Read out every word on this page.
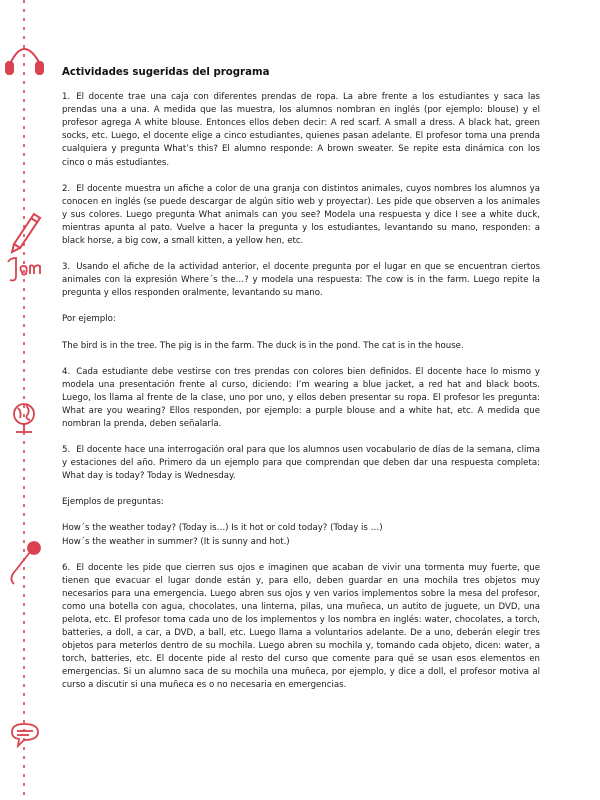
Actividades sugeridas del programa

1. El docente trae una caja con diferentes prendas de ropa. La abre frente a los estudiantes y saca las prendas una a una. A medida que las muestra, los alumnos nombran en inglés (por ejemplo: blouse) y el profesor agrega A white blouse. Entonces ellos deben decir: A red scarf. A small a dress. A black hat, green socks, etc. Luego, el docente elige a cinco estudiantes, quienes pasan adelante. El profesor toma una prenda cualquiera y pregunta What’s this? El alumno responde: A brown sweater. Se repite esta dinámica con los cinco o más estudiantes.

2. El docente muestra un afiche a color de una granja con distintos animales, cuyos nombres los alumnos ya conocen en inglés (se puede descargar de algún sitio web y proyectar). Les pide que observen a los animales y sus colores. Luego pregunta What animals can you see? Modela una respuesta y dice I see a white duck, mientras apunta al pato. Vuelve a hacer la pregunta y los estudiantes, levantando su mano, responden: a black horse, a big cow, a small kitten, a yellow hen, etc.

3. Usando el afiche de la actividad anterior, el docente pregunta por el lugar en que se encuentran ciertos animales con la expresión Where´s the…? y modela una respuesta: The cow is in the farm. Luego repite la pregunta y ellos responden oralmente, levantando su mano.

Por ejemplo:

The bird is in the tree. The pig is in the farm. The duck is in the pond. The cat is in the house.

4. Cada estudiante debe vestirse con tres prendas con colores bien definidos. El docente hace lo mismo y modela una presentación frente al curso, diciendo: I’m wearing a blue jacket, a red hat and black boots. Luego, los llama al frente de la clase, uno por uno, y ellos deben presentar su ropa. El profesor les pregunta: What are you wearing? Ellos responden, por ejemplo: a purple blouse and a white hat, etc. A medida que nombran la prenda, deben señalarla.

5. El docente hace una interrogación oral para que los alumnos usen vocabulario de días de la semana, clima y estaciones del año. Primero da un ejemplo para que comprendan que deben dar una respuesta completa: What day is today? Today is Wednesday.

Ejemplos de preguntas:

How´s the weather today? (Today is…) Is it hot or cold today? (Today is …)

How´s the weather in summer? (It is sunny and hot.)

6. El docente les pide que cierren sus ojos e imaginen que acaban de vivir una tormenta muy fuerte, que tienen que evacuar el lugar donde están y, para ello, deben guardar en una mochila tres objetos muy necesarios para una emergencia. Luego abren sus ojos y ven varios implementos sobre la mesa del profesor, como una botella con agua, chocolates, una linterna, pilas, una muñeca, un autito de juguete, un DVD, una pelota, etc. El profesor toma cada uno de los implementos y los nombra en inglés: water, chocolates, a torch, batteries, a doll, a car, a DVD, a ball, etc. Luego llama a voluntarios adelante. De a uno, deberán elegir tres objetos para meterlos dentro de su mochila. Luego abren su mochila y, tomando cada objeto, dicen: water, a torch, batteries, etc. El docente pide al resto del curso que comente para qué se usan esos elementos en emergencias. Si un alumno saca de su mochila una muñeca, por ejemplo, y dice a doll, el profesor motiva al curso a discutir si una muñeca es o no necesaria en emergencias.
